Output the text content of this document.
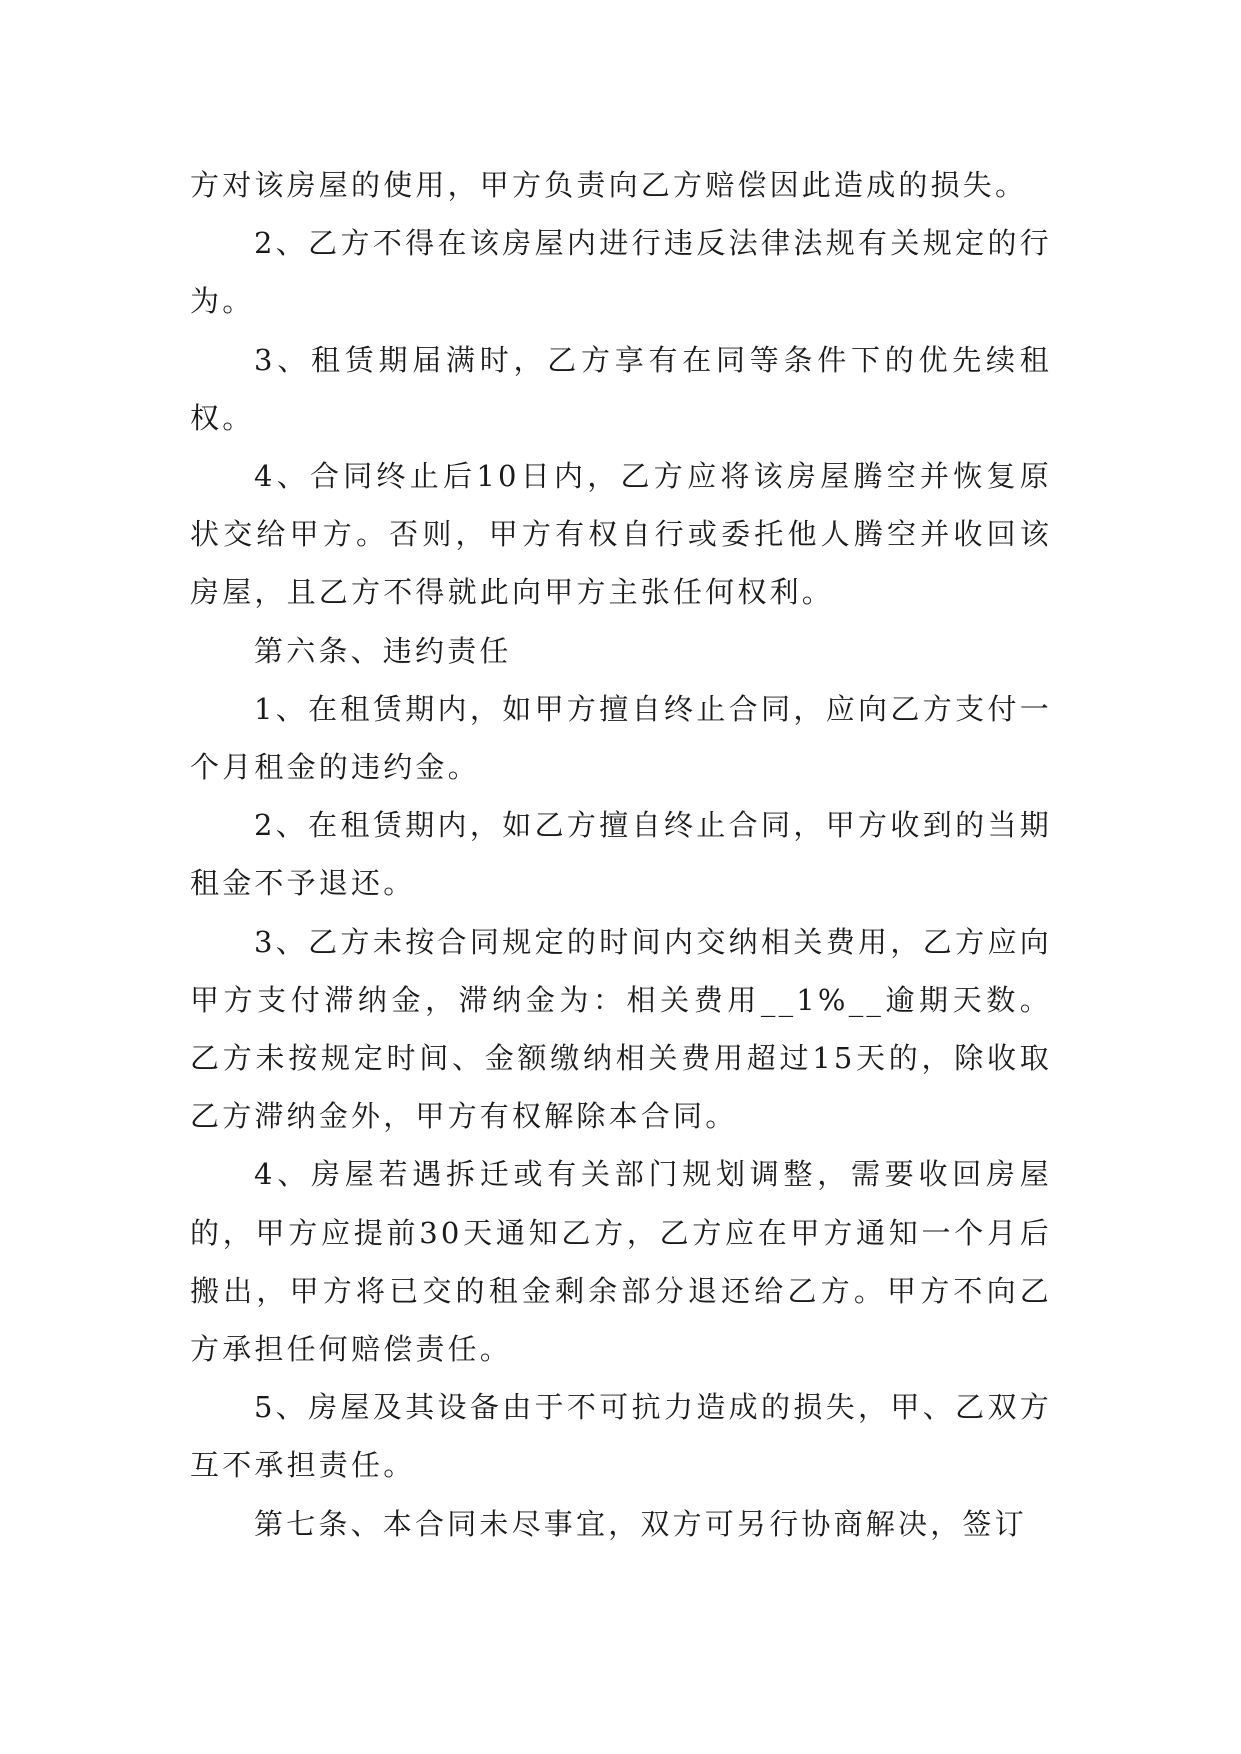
方对该房屋的使用，甲方负责向乙方赔偿因此造成的损失。

2、乙方不得在该房屋内进行违反法律法规有关规定的行为。

3、租赁期届满时，乙方享有在同等条件下的优先续租权。

4、合同终止后10日内，乙方应将该房屋腾空并恢复原状交给甲方。否则，甲方有权自行或委托他人腾空并收回该房屋，且乙方不得就此向甲方主张任何权利。

第六条、违约责任

1、在租赁期内，如甲方擅自终止合同，应向乙方支付一个月租金的违约金。

2、在租赁期内，如乙方擅自终止合同，甲方收到的当期租金不予退还。

3、乙方未按合同规定的时间内交纳相关费用，乙方应向甲方支付滞纳金，滞纳金为：相关费用__1%__逾期天数。乙方未按规定时间、金额缴纳相关费用超过15天的，除收取乙方滞纳金外，甲方有权解除本合同。

4、房屋若遇拆迁或有关部门规划调整，需要收回房屋的，甲方应提前30天通知乙方，乙方应在甲方通知一个月后搬出，甲方将已交的租金剩余部分退还给乙方。甲方不向乙方承担任何赔偿责任。

5、房屋及其设备由于不可抗力造成的损失，甲、乙双方互不承担责任。

第七条、本合同未尽事宜，双方可另行协商解决，签订
